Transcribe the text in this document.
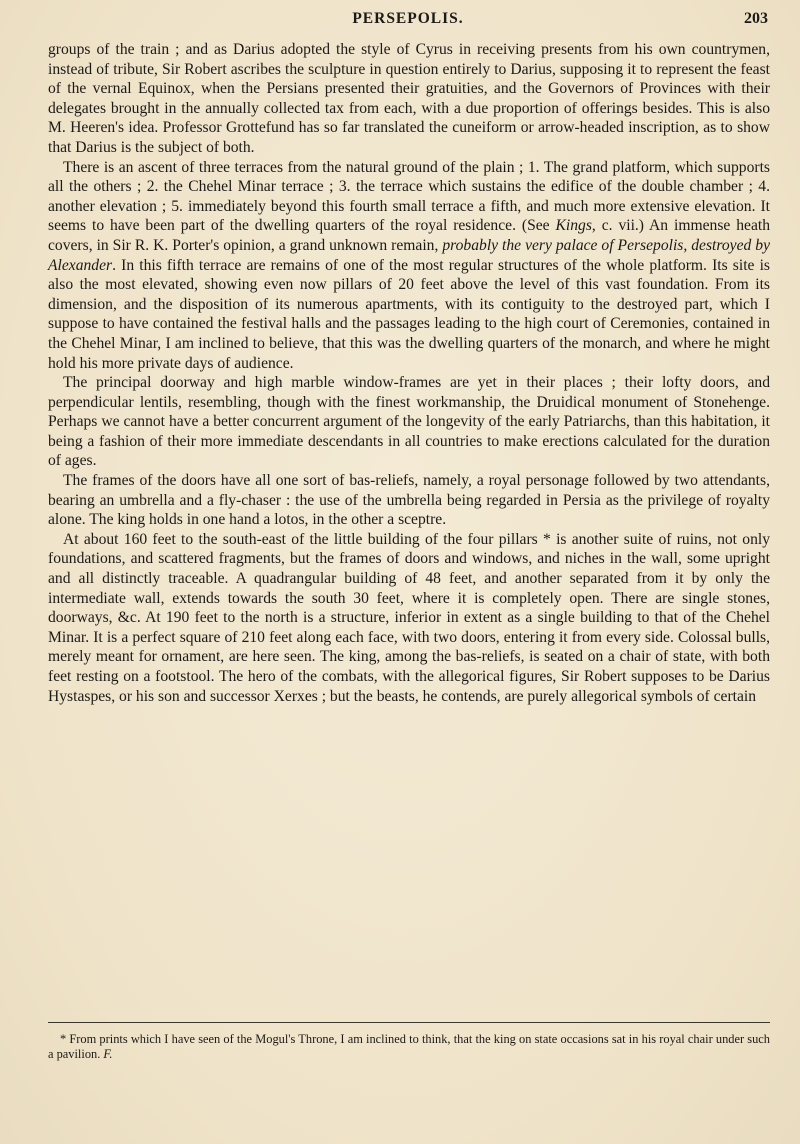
PERSEPOLIS.	203

groups of the train ; and as Darius adopted the style of Cyrus in receiving presents from his own countrymen, instead of tribute, Sir Robert ascribes the sculpture in question entirely to Darius, supposing it to represent the feast of the vernal Equinox, when the Persians presented their gratuities, and the Governors of Provinces with their delegates brought in the annually collected tax from each, with a due proportion of offerings besides. This is also M. Heeren's idea. Professor Grottefund has so far translated the cuneiform or arrow-headed inscription, as to show that Darius is the subject of both.

There is an ascent of three terraces from the natural ground of the plain ; 1. The grand platform, which supports all the others ; 2. the Chehel Minar terrace ; 3. the terrace which sustains the edifice of the double chamber ; 4. another elevation ; 5. immediately beyond this fourth small terrace a fifth, and much more extensive elevation. It seems to have been part of the dwelling quarters of the royal residence. (See Kings, c. vii.) An immense heath covers, in Sir R. K. Porter's opinion, a grand unknown remain, probably the very palace of Persepolis, destroyed by Alexander. In this fifth terrace are remains of one of the most regular structures of the whole platform. Its site is also the most elevated, showing even now pillars of 20 feet above the level of this vast foundation. From its dimension, and the disposition of its numerous apartments, with its contiguity to the destroyed part, which I suppose to have contained the festival halls and the passages leading to the high court of Ceremonies, contained in the Chehel Minar, I am inclined to believe, that this was the dwelling quarters of the monarch, and where he might hold his more private days of audience.

The principal doorway and high marble window-frames are yet in their places ; their lofty doors, and perpendicular lentils, resembling, though with the finest workmanship, the Druidical monument of Stonehenge. Perhaps we cannot have a better concurrent argument of the longevity of the early Patriarchs, than this habitation, it being a fashion of their more immediate descendants in all countries to make erections calculated for the duration of ages.

The frames of the doors have all one sort of bas-reliefs, namely, a royal personage followed by two attendants, bearing an umbrella and a fly-chaser : the use of the umbrella being regarded in Persia as the privilege of royalty alone. The king holds in one hand a lotos, in the other a sceptre.

At about 160 feet to the south-east of the little building of the four pillars * is another suite of ruins, not only foundations, and scattered fragments, but the frames of doors and windows, and niches in the wall, some upright and all distinctly traceable. A quadrangular building of 48 feet, and another separated from it by only the intermediate wall, extends towards the south 30 feet, where it is completely open. There are single stones, doorways, &c. At 190 feet to the north is a structure, inferior in extent as a single building to that of the Chehel Minar. It is a perfect square of 210 feet along each face, with two doors, entering it from every side. Colossal bulls, merely meant for ornament, are here seen. The king, among the bas-reliefs, is seated on a chair of state, with both feet resting on a footstool. The hero of the combats, with the allegorical figures, Sir Robert supposes to be Darius Hystaspes, or his son and successor Xerxes ; but the beasts, he contends, are purely allegorical symbols of certain

* From prints which I have seen of the Mogul's Throne, I am inclined to think, that the king on state occasions sat in his royal chair under such a pavilion. F.
